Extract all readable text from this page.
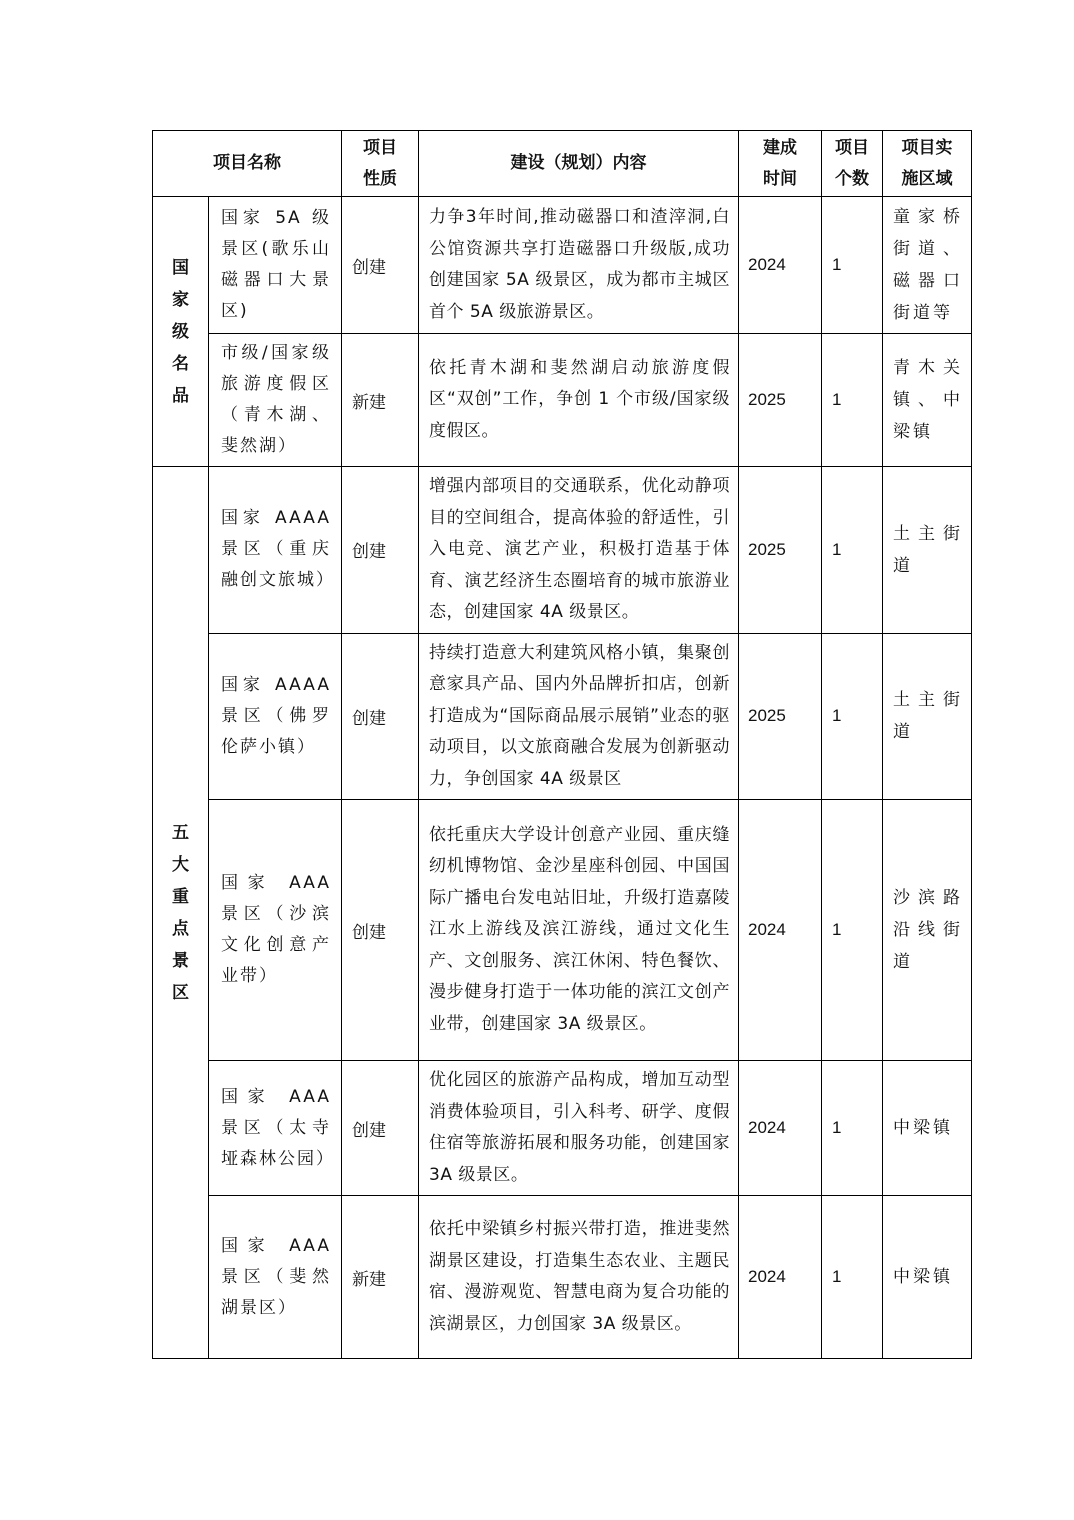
项目名称		项目性质	建设（规划）内容	建成时间	项目个数	项目实施区域

国家级名品	国家 5A 级景区(歌乐山磁器口大景区)	创建	力争3年时间,推动磁器口和渣滓洞,白公馆资源共享打造磁器口升级版,成功创建国家 5A 级景区，成为都市主城区首个 5A 级旅游景区。	2024	1	童家桥街道、磁器口街道等
	市级/国家级旅游度假区（青木湖、斐然湖）	新建	依托青木湖和斐然湖启动旅游度假区“双创”工作，争创 1 个市级/国家级度假区。	2025	1	青木关镇、中梁镇

五大重点景区	国家 AAAA 景区（重庆融创文旅城）	创建	增强内部项目的交通联系，优化动静项目的空间组合，提高体验的舒适性，引入电竞、演艺产业，积极打造基于体育、演艺经济生态圈培育的城市旅游业态，创建国家 4A 级景区。	2025	1	土主街道
	国家 AAAA 景区（佛罗伦萨小镇）	创建	持续打造意大利建筑风格小镇，集聚创意家具产品、国内外品牌折扣店，创新打造成为“国际商品展示展销”业态的驱动项目，以文旅商融合发展为创新驱动力，争创国家 4A 级景区	2025	1	土主街道
	国家 AAA 景区（沙滨文化创意产业带）	创建	依托重庆大学设计创意产业园、重庆缝纫机博物馆、金沙星座科创园、中国国际广播电台发电站旧址，升级打造嘉陵江水上游线及滨江游线，通过文化生产、文创服务、滨江休闲、特色餐饮、漫步健身打造于一体功能的滨江文创产业带，创建国家 3A 级景区。	2024	1	沙滨路沿线街道
	国家 AAA 景区（太寺垭森林公园）	创建	优化园区的旅游产品构成，增加互动型消费体验项目，引入科考、研学、度假住宿等旅游拓展和服务功能，创建国家 3A 级景区。	2024	1	中梁镇
	国家 AAA 景区（斐然湖景区）	新建	依托中梁镇乡村振兴带打造，推进斐然湖景区建设，打造集生态农业、主题民宿、漫游观览、智慧电商为复合功能的滨湖景区，力创国家 3A 级景区。	2024	1	中梁镇
